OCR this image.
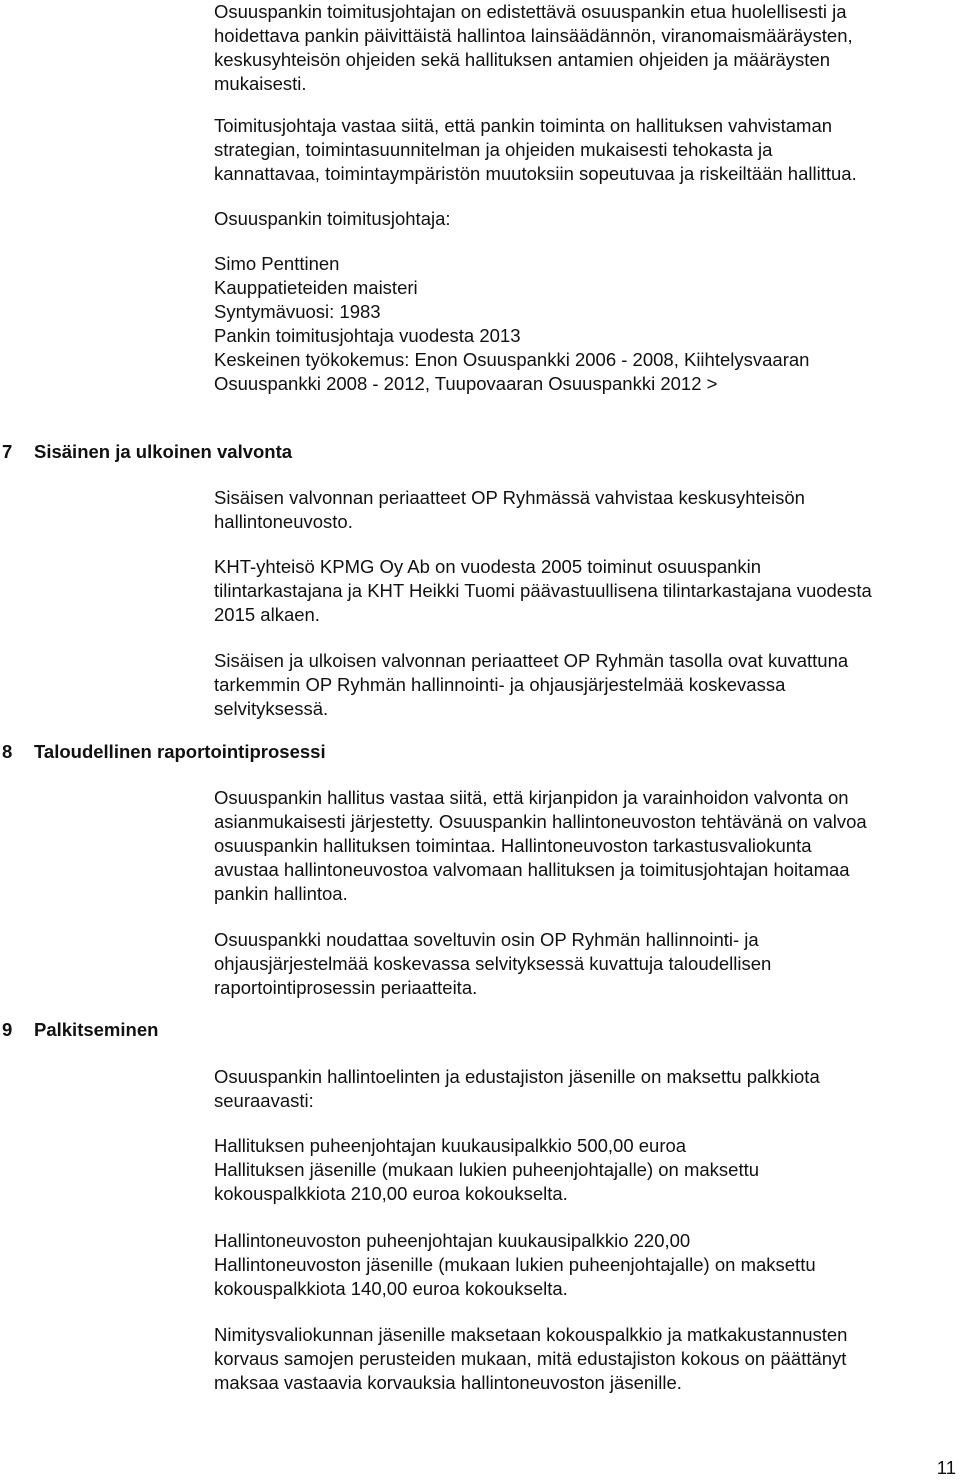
Osuuspankin toimitusjohtajan on edistettävä osuuspankin etua huolellisesti ja
hoidettava pankin päivittäistä hallintoa lainsäädännön, viranomaismääräysten,
keskusyhteisön ohjeiden sekä hallituksen antamien ohjeiden ja määräysten
mukaisesti.
Toimitusjohtaja vastaa siitä, että pankin toiminta on hallituksen vahvistaman
strategian, toimintasuunnitelman ja ohjeiden mukaisesti tehokasta ja
kannattavaa, toimintaympäristön muutoksiin sopeutuvaa ja riskeiltään hallittua.
Osuuspankin toimitusjohtaja:
Simo Penttinen
Kauppatieteiden maisteri
Syntymävuosi: 1983
Pankin toimitusjohtaja vuodesta 2013
Keskeinen työkokemus: Enon Osuuspankki 2006 - 2008, Kiihtelysvaaran
Osuuspankki 2008 - 2012, Tuupovaaran Osuuspankki 2012 >
7 Sisäinen ja ulkoinen valvonta
Sisäisen valvonnan periaatteet OP Ryhmässä vahvistaa keskusyhteisön
hallintoneuvosto.
KHT-yhteisö KPMG Oy Ab on vuodesta 2005 toiminut osuuspankin
tilintarkastajana ja KHT Heikki Tuomi päävastuullisena tilintarkastajana vuodesta
2015 alkaen.
Sisäisen ja ulkoisen valvonnan periaatteet OP Ryhmän tasolla ovat kuvattuna
tarkemmin OP Ryhmän hallinnointi- ja ohjausjärjestelmää koskevassa
selvityksessä.
8 Taloudellinen raportointiprosessi
Osuuspankin hallitus vastaa siitä, että kirjanpidon ja varainhoidon valvonta on
asianmukaisesti järjestetty. Osuuspankin hallintoneuvoston tehtävänä on valvoa
osuuspankin hallituksen toimintaa. Hallintoneuvoston tarkastusvaliokunta
avustaa hallintoneuvostoa valvomaan hallituksen ja toimitusjohtajan hoitamaa
pankin hallintoa.
Osuuspankki noudattaa soveltuvin osin OP Ryhmän hallinnointi- ja
ohjausjärjestelmää koskevassa selvityksessä kuvattuja taloudellisen
raportointiprosessin periaatteita.
9 Palkitseminen
Osuuspankin hallintoelinten ja edustajiston jäsenille on maksettu palkkiota
seuraavasti:
Hallituksen puheenjohtajan kuukausipalkkio 500,00 euroa
Hallituksen jäsenille (mukaan lukien puheenjohtajalle) on maksettu
kokouspalkkiota 210,00 euroa kokoukselta.
Hallintoneuvoston puheenjohtajan kuukausipalkkio 220,00
Hallintoneuvoston jäsenille (mukaan lukien puheenjohtajalle) on maksettu
kokouspalkkiota 140,00 euroa kokoukselta.
Nimitysvaliokunnan jäsenille maksetaan kokouspalkkio ja matkakustannusten
korvaus samojen perusteiden mukaan, mitä edustajiston kokous on päättänyt
maksaa vastaavia korvauksia hallintoneuvoston jäsenille.
11
